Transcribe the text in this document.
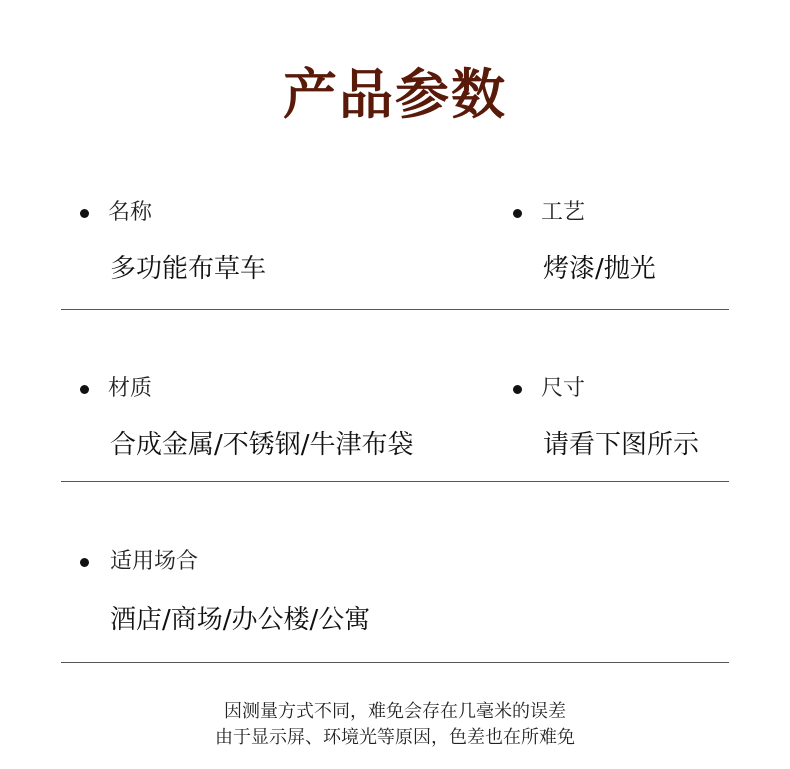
产品参数
名称
多功能布草车
工艺
烤漆/抛光
材质
合成金属/不锈钢/牛津布袋
尺寸
请看下图所示
适用场合
酒店/商场/办公楼/公寓
因测量方式不同，难免会存在几毫米的误差
由于显示屏、环境光等原因，色差也在所难免
